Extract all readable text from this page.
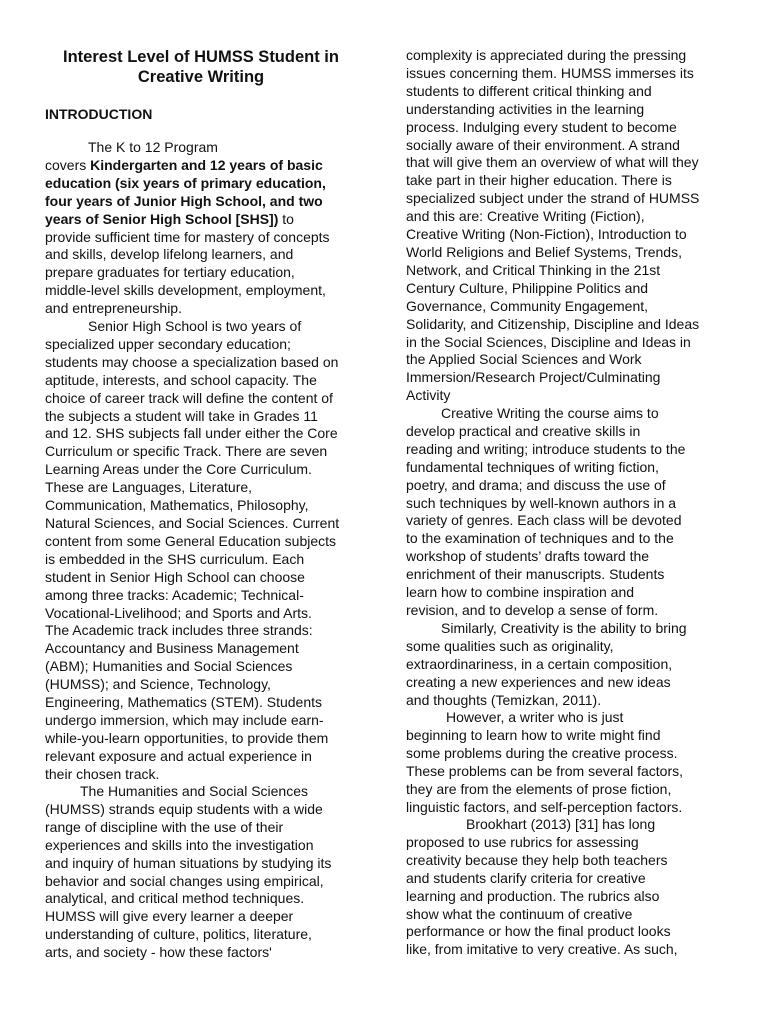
Interest Level of HUMSS Student in
Creative Writing
INTRODUCTION

The K to 12 Program
covers Kindergarten and 12 years of basic
education (six years of primary education,
four years of Junior High School, and two
years of Senior High School [SHS]) to
provide sufficient time for mastery of concepts
and skills, develop lifelong learners, and
prepare graduates for tertiary education,
middle-level skills development, employment,
and entrepreneurship.

Senior High School is two years of
specialized upper secondary education;
students may choose a specialization based on
aptitude, interests, and school capacity. The
choice of career track will define the content of
the subjects a student will take in Grades 11
and 12. SHS subjects fall under either the Core
Curriculum or specific Track. There are seven
Learning Areas under the Core Curriculum.
These are Languages, Literature,
Communication, Mathematics, Philosophy,
Natural Sciences, and Social Sciences. Current
content from some General Education subjects
is embedded in the SHS curriculum. Each
student in Senior High School can choose
among three tracks: Academic; Technical-
Vocational-Livelihood; and Sports and Arts.
The Academic track includes three strands:
Accountancy and Business Management
(ABM); Humanities and Social Sciences
(HUMSS); and Science, Technology,
Engineering, Mathematics (STEM). Students
undergo immersion, which may include earn-
while-you-learn opportunities, to provide them
relevant exposure and actual experience in
their chosen track.

The Humanities and Social Sciences
(HUMSS) strands equip students with a wide
range of discipline with the use of their
experiences and skills into the investigation
and inquiry of human situations by studying its
behavior and social changes using empirical,
analytical, and critical method techniques.
HUMSS will give every learner a deeper
understanding of culture, politics, literature,
arts, and society - how these factors'

complexity is appreciated during the pressing
issues concerning them. HUMSS immerses its
students to different critical thinking and
understanding activities in the learning
process. Indulging every student to become
socially aware of their environment. A strand
that will give them an overview of what will they
take part in their higher education. There is
specialized subject under the strand of HUMSS
and this are: Creative Writing (Fiction),
Creative Writing (Non-Fiction), Introduction to
World Religions and Belief Systems, Trends,
Network, and Critical Thinking in the 21st
Century Culture, Philippine Politics and
Governance, Community Engagement,
Solidarity, and Citizenship, Discipline and Ideas
in the Social Sciences, Discipline and Ideas in
the Applied Social Sciences and Work
Immersion/Research Project/Culminating
Activity

Creative Writing the course aims to
develop practical and creative skills in
reading and writing; introduce students to the
fundamental techniques of writing fiction,
poetry, and drama; and discuss the use of
such techniques by well-known authors in a
variety of genres. Each class will be devoted
to the examination of techniques and to the
workshop of students’ drafts toward the
enrichment of their manuscripts. Students
learn how to combine inspiration and
revision, and to develop a sense of form.

Similarly, Creativity is the ability to bring
some qualities such as originality,
extraordinariness, in a certain composition,
creating a new experiences and new ideas
and thoughts (Temizkan, 2011).

However, a writer who is just
beginning to learn how to write might find
some problems during the creative process.
These problems can be from several factors,
they are from the elements of prose fiction,
linguistic factors, and self-perception factors.

Brookhart (2013) [31] has long
proposed to use rubrics for assessing
creativity because they help both teachers
and students clarify criteria for creative
learning and production. The rubrics also
show what the continuum of creative
performance or how the final product looks
like, from imitative to very creative. As such,
